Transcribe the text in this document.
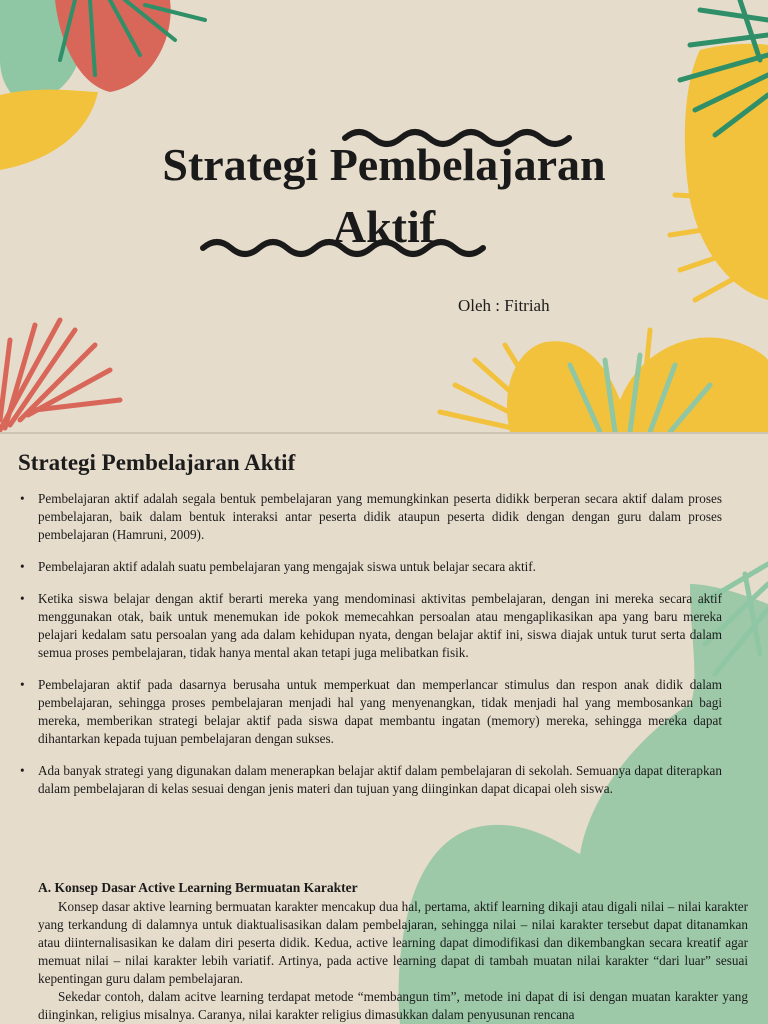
Strategi Pembelajaran
Aktif
Oleh : Fitriah
Strategi Pembelajaran Aktif
• Pembelajaran aktif adalah segala bentuk pembelajaran yang memungkinkan peserta didikk berperan secara aktif dalam proses pembelajaran, baik dalam bentuk interaksi antar peserta didik ataupun peserta didik dengan dengan guru dalam proses pembelajaran (Hamruni, 2009).
• Pembelajaran aktif adalah suatu pembelajaran yang mengajak siswa untuk belajar secara aktif.
• Ketika siswa belajar dengan aktif berarti mereka yang mendominasi aktivitas pembelajaran, dengan ini mereka secara aktif menggunakan otak, baik untuk menemukan ide pokok memecahkan persoalan atau mengaplikasikan apa yang baru mereka pelajari kedalam satu persoalan yang ada dalam kehidupan nyata, dengan belajar aktif ini, siswa diajak untuk turut serta dalam semua proses pembelajaran, tidak hanya mental akan tetapi juga melibatkan fisik.
• Pembelajaran aktif pada dasarnya berusaha untuk memperkuat dan memperlancar stimulus dan respon anak didik dalam pembelajaran, sehingga proses pembelajaran menjadi hal yang menyenangkan, tidak menjadi hal yang membosankan bagi mereka, memberikan strategi belajar aktif pada siswa dapat membantu ingatan (memory) mereka, sehingga mereka dapat dihantarkan kepada tujuan pembelajaran dengan sukses.
• Ada banyak strategi yang digunakan dalam menerapkan belajar aktif dalam pembelajaran di sekolah. Semuanya dapat diterapkan dalam pembelajaran di kelas sesuai dengan jenis materi dan tujuan yang diinginkan dapat dicapai oleh siswa.
A. Konsep Dasar Active Learning Bermuatan Karakter

Konsep dasar aktive learning bermuatan karakter mencakup dua hal, pertama, aktif learning dikaji atau digali nilai – nilai karakter yang terkandung di dalamnya untuk diaktualisasikan dalam pembelajaran, sehingga nilai – nilai karakter tersebut dapat ditanamkan atau diinternalisasikan ke dalam diri peserta didik. Kedua, active learning dapat dimodifikasi dan dikembangkan secara kreatif agar memuat nilai – nilai karakter lebih variatif. Artinya, pada active learning dapat di tambah muatan nilai karakter “dari luar” sesuai kepentingan guru dalam pembelajaran.

Sekedar contoh, dalam acitve learning terdapat metode “membangun tim”, metode ini dapat di isi dengan muatan karakter yang diinginkan, religius misalnya. Caranya, nilai karakter religius dimasukkan dalam penyusunan rencana
